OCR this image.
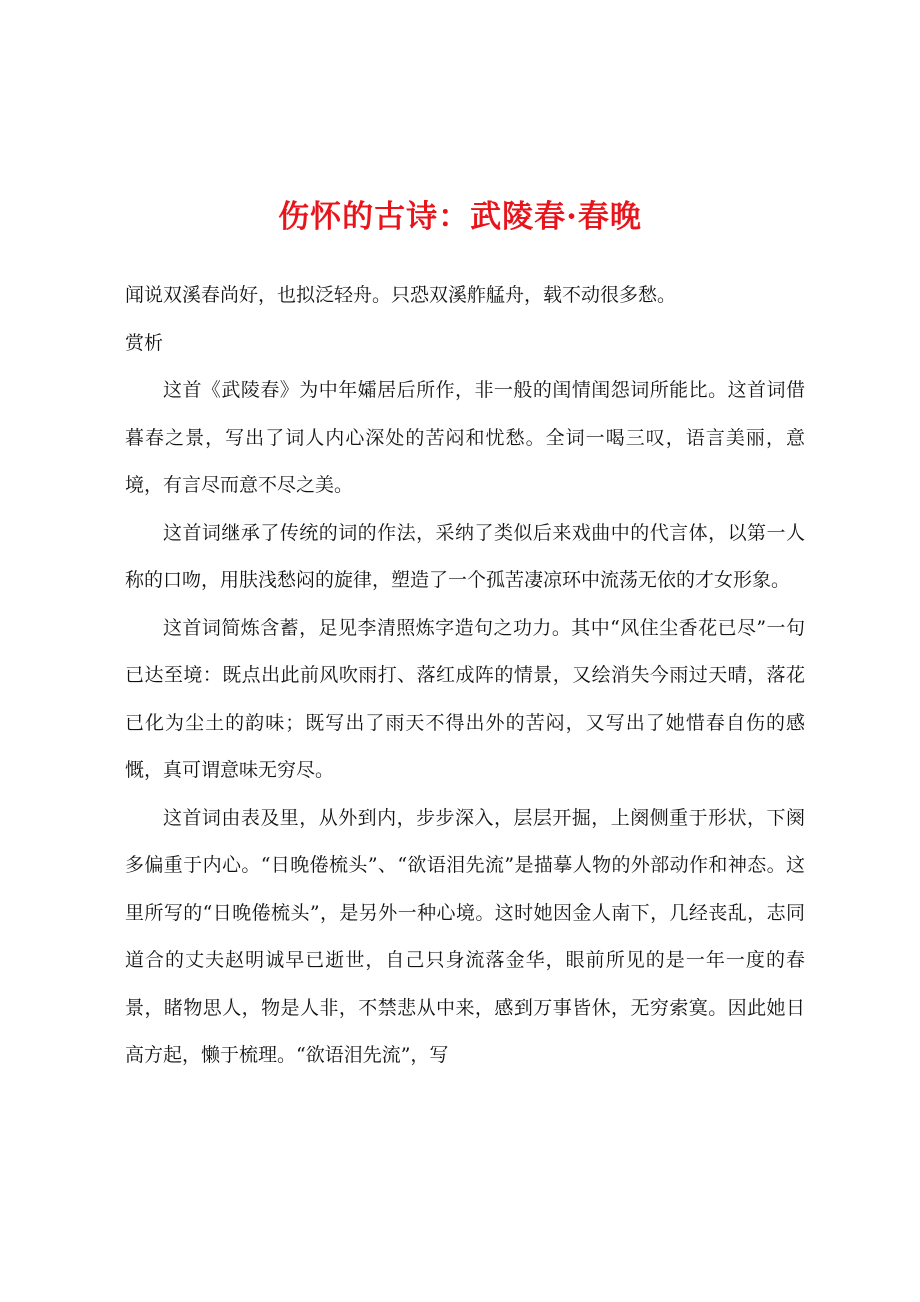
伤怀的古诗：武陵春·春晚

闻说双溪春尚好，也拟泛轻舟。只恐双溪舴艋舟，载不动很多愁。

赏析

这首《武陵春》为中年孀居后所作，非一般的闺情闺怨词所能比。这首词借暮春之景，写出了词人内心深处的苦闷和忧愁。全词一喝三叹，语言美丽，意境，有言尽而意不尽之美。

这首词继承了传统的词的作法，采纳了类似后来戏曲中的代言体，以第一人称的口吻，用肤浅愁闷的旋律，塑造了一个孤苦凄凉环中流荡无依的才女形象。

这首词简炼含蓄，足见李清照炼字造句之功力。其中“风住尘香花已尽”一句已达至境：既点出此前风吹雨打、落红成阵的情景，又绘消失今雨过天晴，落花已化为尘土的韵味；既写出了雨天不得出外的苦闷，又写出了她惜春自伤的感慨，真可谓意味无穷尽。

这首词由表及里，从外到内，步步深入，层层开掘，上阕侧重于形状，下阕多偏重于内心。“日晚倦梳头”、“欲语泪先流”是描摹人物的外部动作和神态。这里所写的“日晚倦梳头”，是另外一种心境。这时她因金人南下，几经丧乱，志同道合的丈夫赵明诚早已逝世，自己只身流落金华，眼前所见的是一年一度的春景，睹物思人，物是人非，不禁悲从中来，感到万事皆休，无穷索寞。因此她日高方起，懒于梳理。“欲语泪先流”，写
